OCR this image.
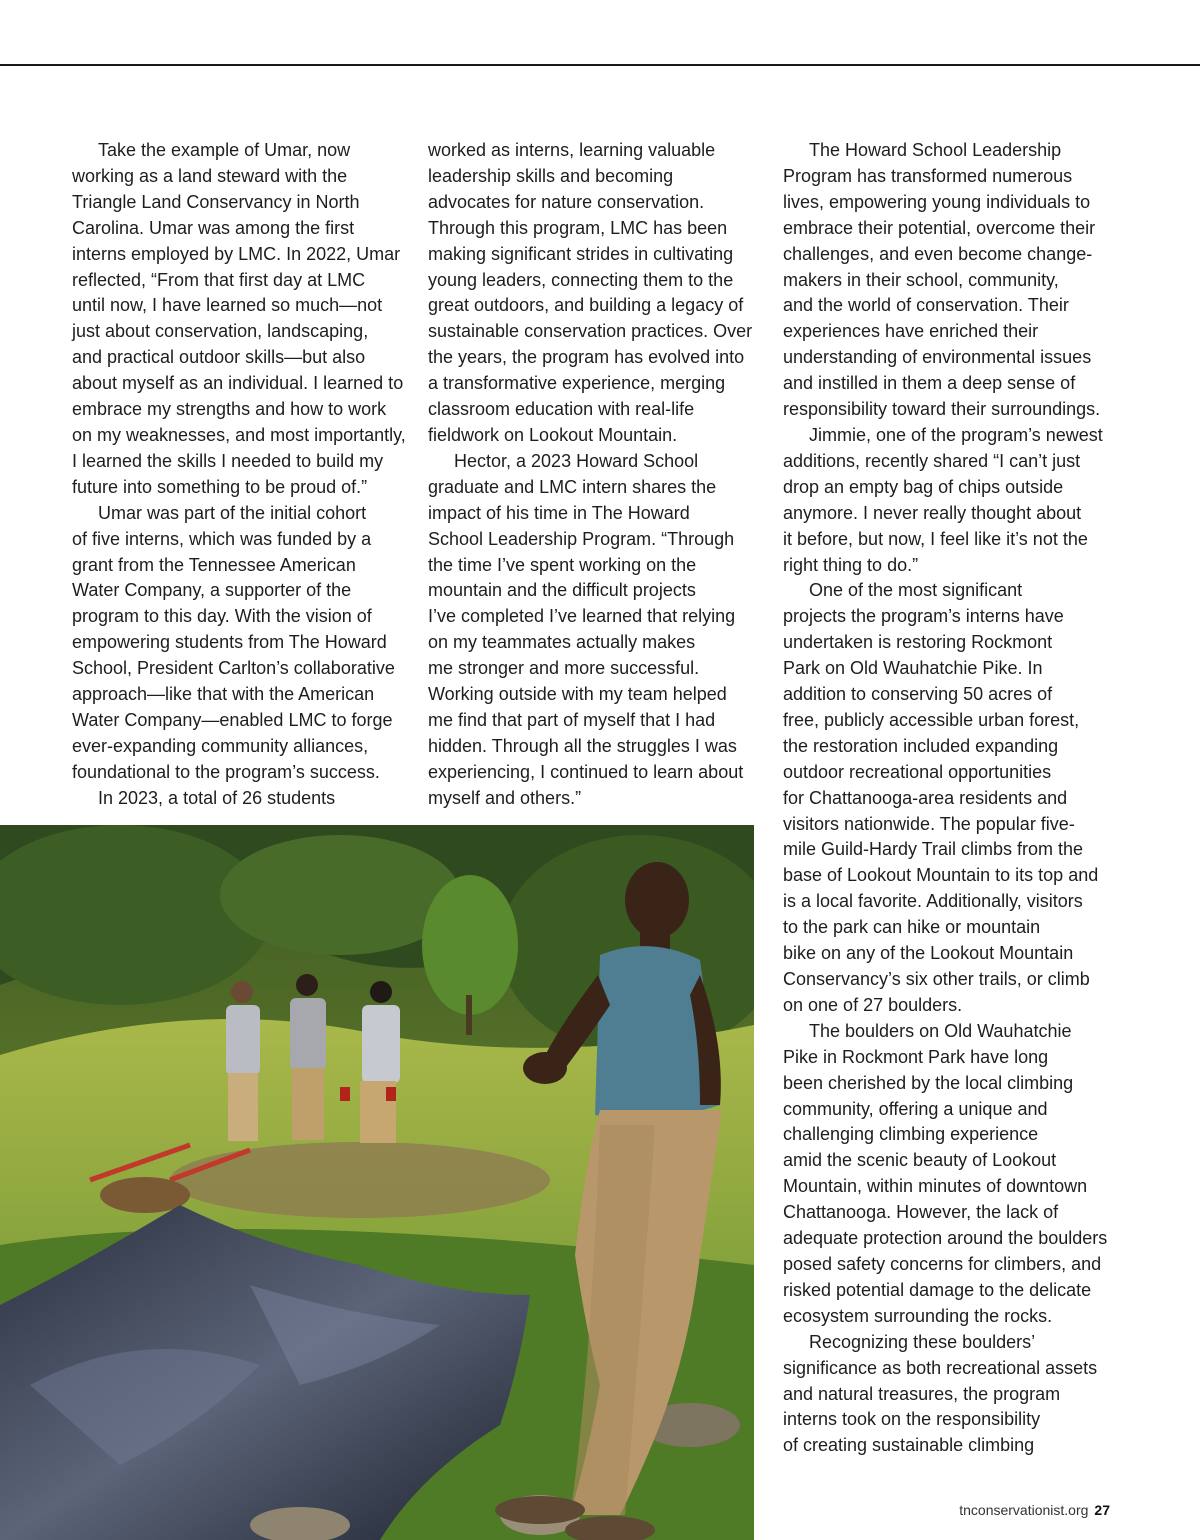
Take the example of Umar, now
working as a land steward with the
Triangle Land Conservancy in North
Carolina. Umar was among the first
interns employed by LMC. In 2022, Umar
reflected, “From that first day at LMC
until now, I have learned so much—not
just about conservation, landscaping,
and practical outdoor skills—but also
about myself as an individual. I learned to
embrace my strengths and how to work
on my weaknesses, and most importantly,
I learned the skills I needed to build my
future into something to be proud of.”

Umar was part of the initial cohort
of five interns, which was funded by a
grant from the Tennessee American
Water Company, a supporter of the
program to this day. With the vision of
empowering students from The Howard
School, President Carlton’s collaborative
approach—like that with the American
Water Company—enabled LMC to forge
ever-expanding community alliances,
foundational to the program’s success.

In 2023, a total of 26 students

worked as interns, learning valuable
leadership skills and becoming
advocates for nature conservation.
Through this program, LMC has been
making significant strides in cultivating
young leaders, connecting them to the
great outdoors, and building a legacy of
sustainable conservation practices. Over
the years, the program has evolved into
a transformative experience, merging
classroom education with real-life
fieldwork on Lookout Mountain.

Hector, a 2023 Howard School
graduate and LMC intern shares the
impact of his time in The Howard
School Leadership Program. “Through
the time I’ve spent working on the
mountain and the difficult projects
I’ve completed I’ve learned that relying
on my teammates actually makes
me stronger and more successful.
Working outside with my team helped
me find that part of myself that I had
hidden. Through all the struggles I was
experiencing, I continued to learn about
myself and others.”

The Howard School Leadership
Program has transformed numerous
lives, empowering young individuals to
embrace their potential, overcome their
challenges, and even become change-
makers in their school, community,
and the world of conservation. Their
experiences have enriched their
understanding of environmental issues
and instilled in them a deep sense of
responsibility toward their surroundings.

Jimmie, one of the program’s newest
additions, recently shared “I can’t just
drop an empty bag of chips outside
anymore. I never really thought about
it before, but now, I feel like it’s not the
right thing to do.”

One of the most significant
projects the program’s interns have
undertaken is restoring Rockmont
Park on Old Wauhatchie Pike. In
addition to conserving 50 acres of
free, publicly accessible urban forest,
the restoration included expanding
outdoor recreational opportunities
for Chattanooga-area residents and
visitors nationwide. The popular five-
mile Guild-Hardy Trail climbs from the
base of Lookout Mountain to its top and
is a local favorite. Additionally, visitors
to the park can hike or mountain
bike on any of the Lookout Mountain
Conservancy’s six other trails, or climb
on one of 27 boulders.

The boulders on Old Wauhatchie
Pike in Rockmont Park have long
been cherished by the local climbing
community, offering a unique and
challenging climbing experience
amid the scenic beauty of Lookout
Mountain, within minutes of downtown
Chattanooga. However, the lack of
adequate protection around the boulders
posed safety concerns for climbers, and
risked potential damage to the delicate
ecosystem surrounding the rocks.

Recognizing these boulders’
significance as both recreational assets
and natural treasures, the program
interns took on the responsibility
of creating sustainable climbing

tnconservationist.org 27
